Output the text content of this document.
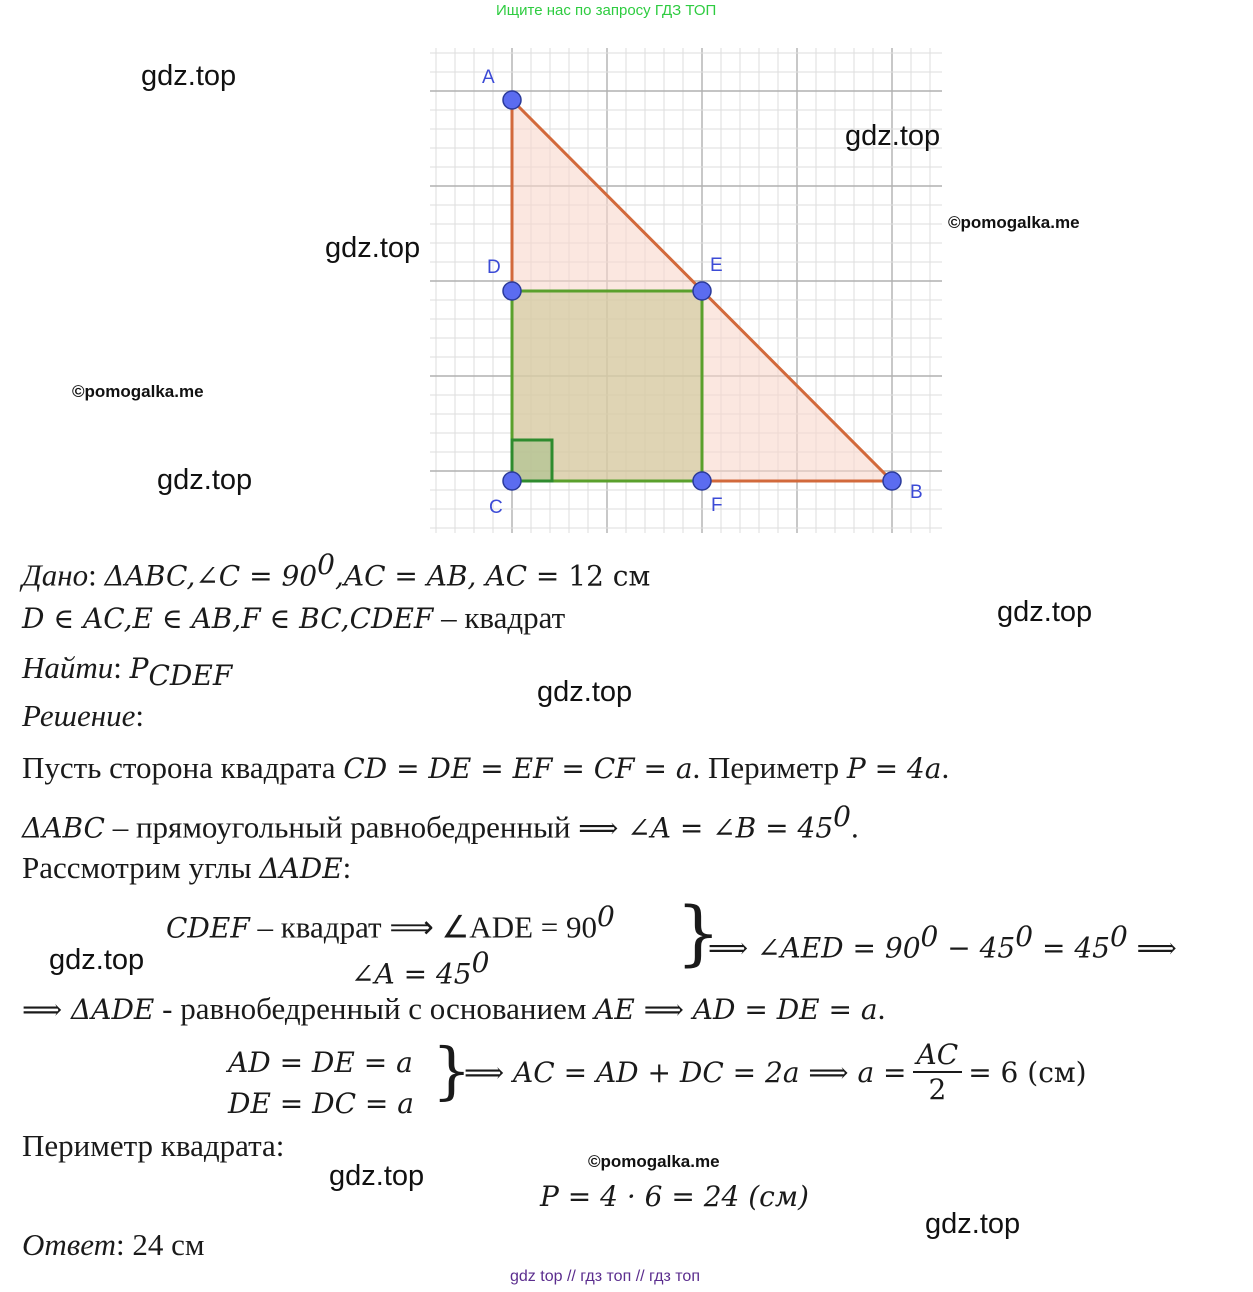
Ищите нас по запросу ГДЗ ТОП
A
D	E
C	F
B
gdz.top
gdz.top
©pomogalka.me
gdz.top
©pomogalka.me
gdz.top
gdz.top
gdz.top
gdz.top
©pomogalka.me
gdz.top
gdz.top
Дано: ΔABC,∠C = $90^0,AC$ = AB, AC = 12 см
D ∈ AC,E ∈ AB,F ∈ BC,CDEF – квадрат
Найти: $P_{CDEF}$
Решение:
Пусть сторона квадрата CD = DE = EF = CF = a. Периметр P = 4a.
ΔABC – прямоугольный равнобедренный ⟹ ∠A = ∠B = $45^0$.
Рассмотрим углы ΔADE:
CDEF – квадрат ⟹ ∠ADE = $90^0$
∠A = $45^0$	}
⟹ ∠AED = $90^0 - 45^0 = 45^0$ ⟹
⟹ ΔADE - равнобедренный с основанием AE ⟹ AD = DE = a.
AD = DE = a
DE = DC = a }
⟹ AC = AD + DC = 2a ⟹ $a = \frac{AC}{2} = 6$ (см)
Периметр квадрата:
P = 4 · 6 = 24 (см)
Ответ: 24 см
gdz top // гдз топ // гдз топ
